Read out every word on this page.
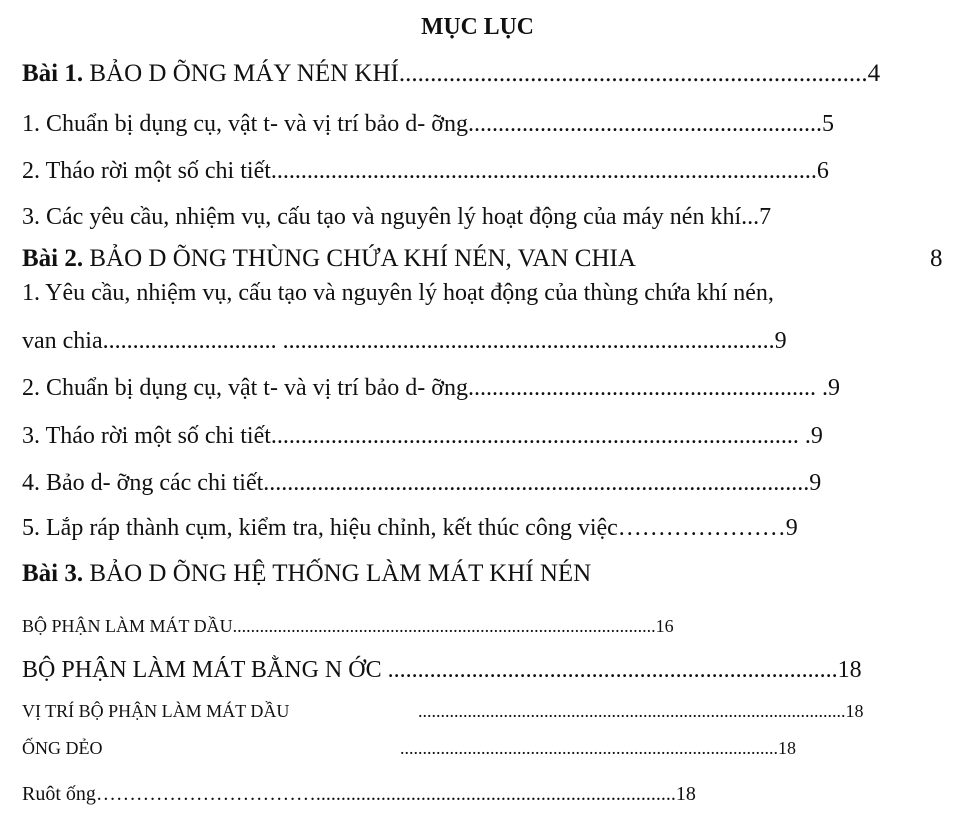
MỤC LỤC
Bài 1. BẢO D ÕNG MÁY NÉN KHÍ...........................................................................4
1. Chuẩn bị dụng cụ, vật t- và vị trí bảo d- ỡng...........................................................5
2. Tháo rời một số chi tiết...........................................................................................6
3. Các yêu cầu, nhiệm vụ, cấu tạo và nguyên lý hoạt động của máy nén khí...7
Bài 2. BẢO D ÕNG THÙNG CHỨA KHÍ NÉN, VAN CHIA	8
1. Yêu cầu, nhiệm vụ, cấu tạo và nguyên lý hoạt động của thùng chứa khí nén,
van chia............................. ..................................................................................9
2. Chuẩn bị dụng cụ, vật t- và vị trí bảo d- ỡng.......................................................... .9
3. Tháo rời một số chi tiết........................................................................................ .9
4. Bảo d- ỡng các chi tiết...........................................................................................9
5. Lắp ráp thành cụm, kiểm tra, hiệu chỉnh, kết thúc công việc…………………9
Bài 3. BẢO D ÕNG HỆ THỐNG LÀM MÁT KHÍ NÉN
BỘ PHẬN LÀM MÁT DẦU..............................................................................................16
BỘ PHẬN LÀM MÁT BẰNG N ỚC ...........................................................................18
VỊ TRÍ BỘ PHẬN LÀM MÁT DẦU	...............................................................................................18
ỐNG DẺO	....................................................................................18
Ruôt ống……………………………........................................................................18
